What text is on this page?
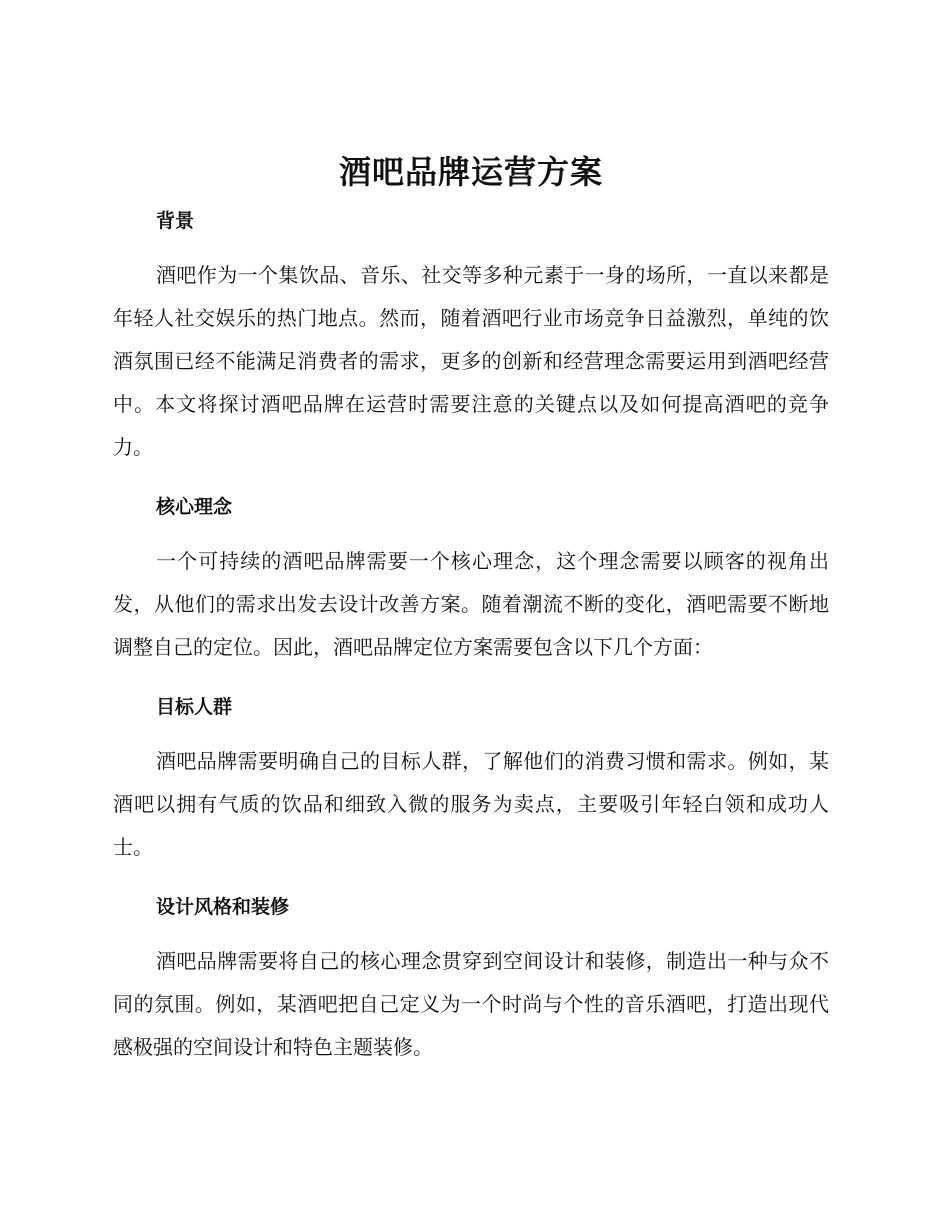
酒吧品牌运营方案
背景

酒吧作为一个集饮品、音乐、社交等多种元素于一身的场所，一直以来都是年轻人社交娱乐的热门地点。然而，随着酒吧行业市场竞争日益激烈，单纯的饮酒氛围已经不能满足消费者的需求，更多的创新和经营理念需要运用到酒吧经营中。本文将探讨酒吧品牌在运营时需要注意的关键点以及如何提高酒吧的竞争力。

核心理念

一个可持续的酒吧品牌需要一个核心理念，这个理念需要以顾客的视角出发，从他们的需求出发去设计改善方案。随着潮流不断的变化，酒吧需要不断地调整自己的定位。因此，酒吧品牌定位方案需要包含以下几个方面：

目标人群

酒吧品牌需要明确自己的目标人群，了解他们的消费习惯和需求。例如，某酒吧以拥有气质的饮品和细致入微的服务为卖点，主要吸引年轻白领和成功人士。

设计风格和装修

酒吧品牌需要将自己的核心理念贯穿到空间设计和装修，制造出一种与众不同的氛围。例如，某酒吧把自己定义为一个时尚与个性的音乐酒吧，打造出现代感极强的空间设计和特色主题装修。
